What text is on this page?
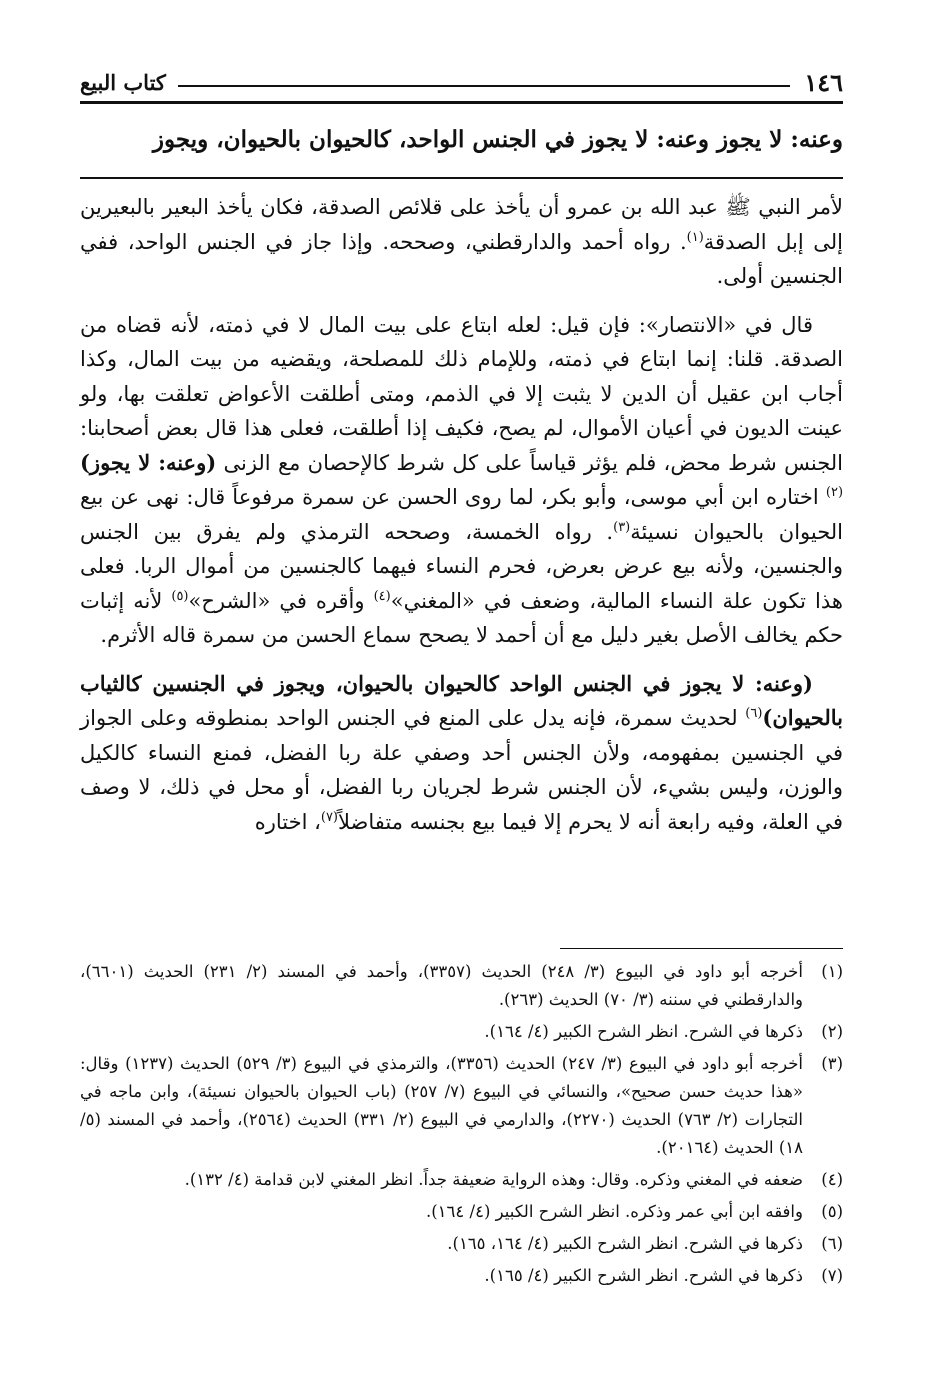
١٤٦
كتاب البيع
وعنه: لا يجوز وعنه: لا يجوز في الجنس الواحد، كالحيوان بالحيوان، ويجوز

لأمر النبي ﷺ عبد الله بن عمرو أن يأخذ على قلائص الصدقة، فكان يأخذ البعير بالبعيرين إلى إبل الصدقة$^{(١)}$. رواه أحمد والدارقطني، وصححه. وإذا جاز في الجنس الواحد، ففي الجنسين أولى.

قال في «الانتصار»: فإن قيل: لعله ابتاع على بيت المال لا في ذمته، لأنه قضاه من الصدقة. قلنا: إنما ابتاع في ذمته، وللإمام ذلك للمصلحة، ويقضيه من بيت المال، وكذا أجاب ابن عقيل أن الدين لا يثبت إلا في الذمم، ومتى أطلقت الأعواض تعلقت بها، ولو عينت الديون في أعيان الأموال، لم يصح، فكيف إذا أطلقت، فعلى هذا قال بعض أصحابنا: الجنس شرط محض، فلم يؤثر قياساً على كل شرط كالإحصان مع الزنى (وعنه: لا يجوز)$^{(٢)}$ اختاره ابن أبي موسى، وأبو بكر، لما روى الحسن عن سمرة مرفوعاً قال: نهى عن بيع الحيوان بالحيوان نسيئة$^{(٣)}$. رواه الخمسة، وصححه الترمذي ولم يفرق بين الجنس والجنسين، ولأنه بيع عرض بعرض، فحرم النساء فيهما كالجنسين من أموال الربا. فعلى هذا تكون علة النساء المالية، وضعف في «المغني»$^{(٤)}$ وأقره في «الشرح»$^{(٥)}$ لأنه إثبات حكم يخالف الأصل بغير دليل مع أن أحمد لا يصحح سماع الحسن من سمرة قاله الأثرم.

(وعنه: لا يجوز في الجنس الواحد كالحيوان بالحيوان، ويجوز في الجنسين كالثياب بالحيوان)$^{(٦)}$ لحديث سمرة، فإنه يدل على المنع في الجنس الواحد بمنطوقه وعلى الجواز في الجنسين بمفهومه، ولأن الجنس أحد وصفي علة ربا الفضل، فمنع النساء كالكيل والوزن، وليس بشيء، لأن الجنس شرط لجريان ربا الفضل، أو محل في ذلك، لا وصف في العلة، وفيه رابعة أنه لا يحرم إلا فيما بيع بجنسه متفاضلاً$^{(٧)}$، اختاره

(١)
أخرجه أبو داود في البيوع (٣/ ٢٤٨) الحديث (٣٣٥٧)، وأحمد في المسند (٢/ ٢٣١) الحديث (٦٦٠١)، والدارقطني في سننه (٣/ ٧٠) الحديث (٢٦٣).
(٢)
ذكرها في الشرح. انظر الشرح الكبير (٤/ ١٦٤).
(٣)
أخرجه أبو داود في البيوع (٣/ ٢٤٧) الحديث (٣٣٥٦)، والترمذي في البيوع (٣/ ٥٢٩) الحديث (١٢٣٧) وقال: «هذا حديث حسن صحيح»، والنسائي في البيوع (٧/ ٢٥٧) (باب الحيوان بالحيوان نسيئة)، وابن ماجه في التجارات (٢/ ٧٦٣) الحديث (٢٢٧٠)، والدارمي في البيوع (٢/ ٣٣١) الحديث (٢٥٦٤)، وأحمد في المسند (٥/ ١٨) الحديث (٢٠١٦٤).
(٤)
ضعفه في المغني وذكره. وقال: وهذه الرواية ضعيفة جداً. انظر المغني لابن قدامة (٤/ ١٣٢).
(٥)
وافقه ابن أبي عمر وذكره. انظر الشرح الكبير (٤/ ١٦٤).
(٦)
ذكرها في الشرح. انظر الشرح الكبير (٤/ ١٦٤، ١٦٥).
(٧)
ذكرها في الشرح. انظر الشرح الكبير (٤/ ١٦٥).
